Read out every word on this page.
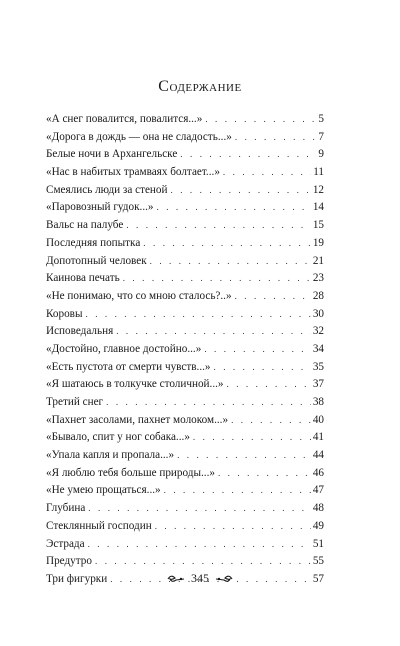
Содержание
«А снег повалится, повалится...» . . .	5
«Дорога в дождь — она не сладость...» . . .	7
Белые ночи в Архангельске . . .	9
«Нас в набитых трамваях болтает...» . . .	11
Смеялись люди за стеной . . .	12
«Паровозный гудок...» . . .	14
Вальс на палубе . . .	15
Последняя попытка . . .	19
Допотопный человек . . .	21
Каинова печать . . .	23
«Не понимаю, что со мною сталось?..» . . .	28
Коровы . . .	30
Исповедальня . . .	32
«Достойно, главное достойно...» . . .	34
«Есть пустота от смерти чувств...» . . .	35
«Я шатаюсь в толкучке столичной...» . . .	37
Третий снег . . .	38
«Пахнет засолами, пахнет молоком...» . . .	40
«Бывало, спит у ног собака...» . . .	41
«Упала капля и пропала...» . . .	44
«Я люблю тебя больше природы...» . . .	46
«Не умею прощаться...» . . .	47
Глубина . . .	48
Стеклянный господин . . .	49
Эстрада . . .	51
Предутро . . .	55
Три фигурки . . .	57
345
